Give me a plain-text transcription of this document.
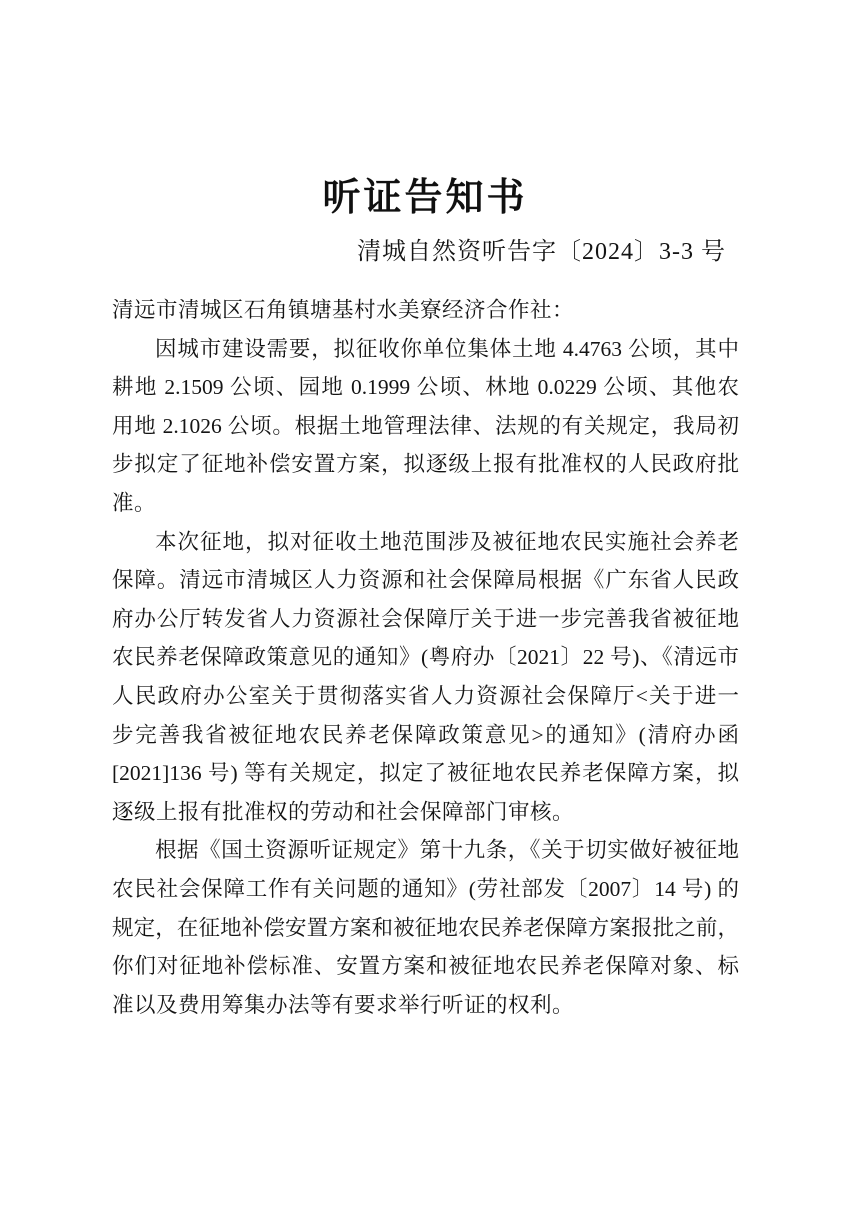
听证告知书
清城自然资听告字〔2024〕3-3 号
清远市清城区石角镇塘基村水美寮经济合作社：
因城市建设需要，拟征收你单位集体土地 4.4763 公顷，其中
耕地 2.1509 公顷、园地 0.1999 公顷、林地 0.0229 公顷、其他农
用地 2.1026 公顷。根据土地管理法律、法规的有关规定，我局初
步拟定了征地补偿安置方案，拟逐级上报有批准权的人民政府批
准。
本次征地，拟对征收土地范围涉及被征地农民实施社会养老
保障。清远市清城区人力资源和社会保障局根据《广东省人民政
府办公厅转发省人力资源社会保障厅关于进一步完善我省被征地
农民养老保障政策意见的通知》(粤府办〔2021〕22 号)、《清远市
人民政府办公室关于贯彻落实省人力资源社会保障厅<关于进一
步完善我省被征地农民养老保障政策意见>的通知》(清府办函
[2021]136 号) 等有关规定，拟定了被征地农民养老保障方案，拟
逐级上报有批准权的劳动和社会保障部门审核。
根据《国土资源听证规定》第十九条，《关于切实做好被征地
农民社会保障工作有关问题的通知》(劳社部发〔2007〕14 号) 的
规定，在征地补偿安置方案和被征地农民养老保障方案报批之前，
你们对征地补偿标准、安置方案和被征地农民养老保障对象、标
准以及费用筹集办法等有要求举行听证的权利。
